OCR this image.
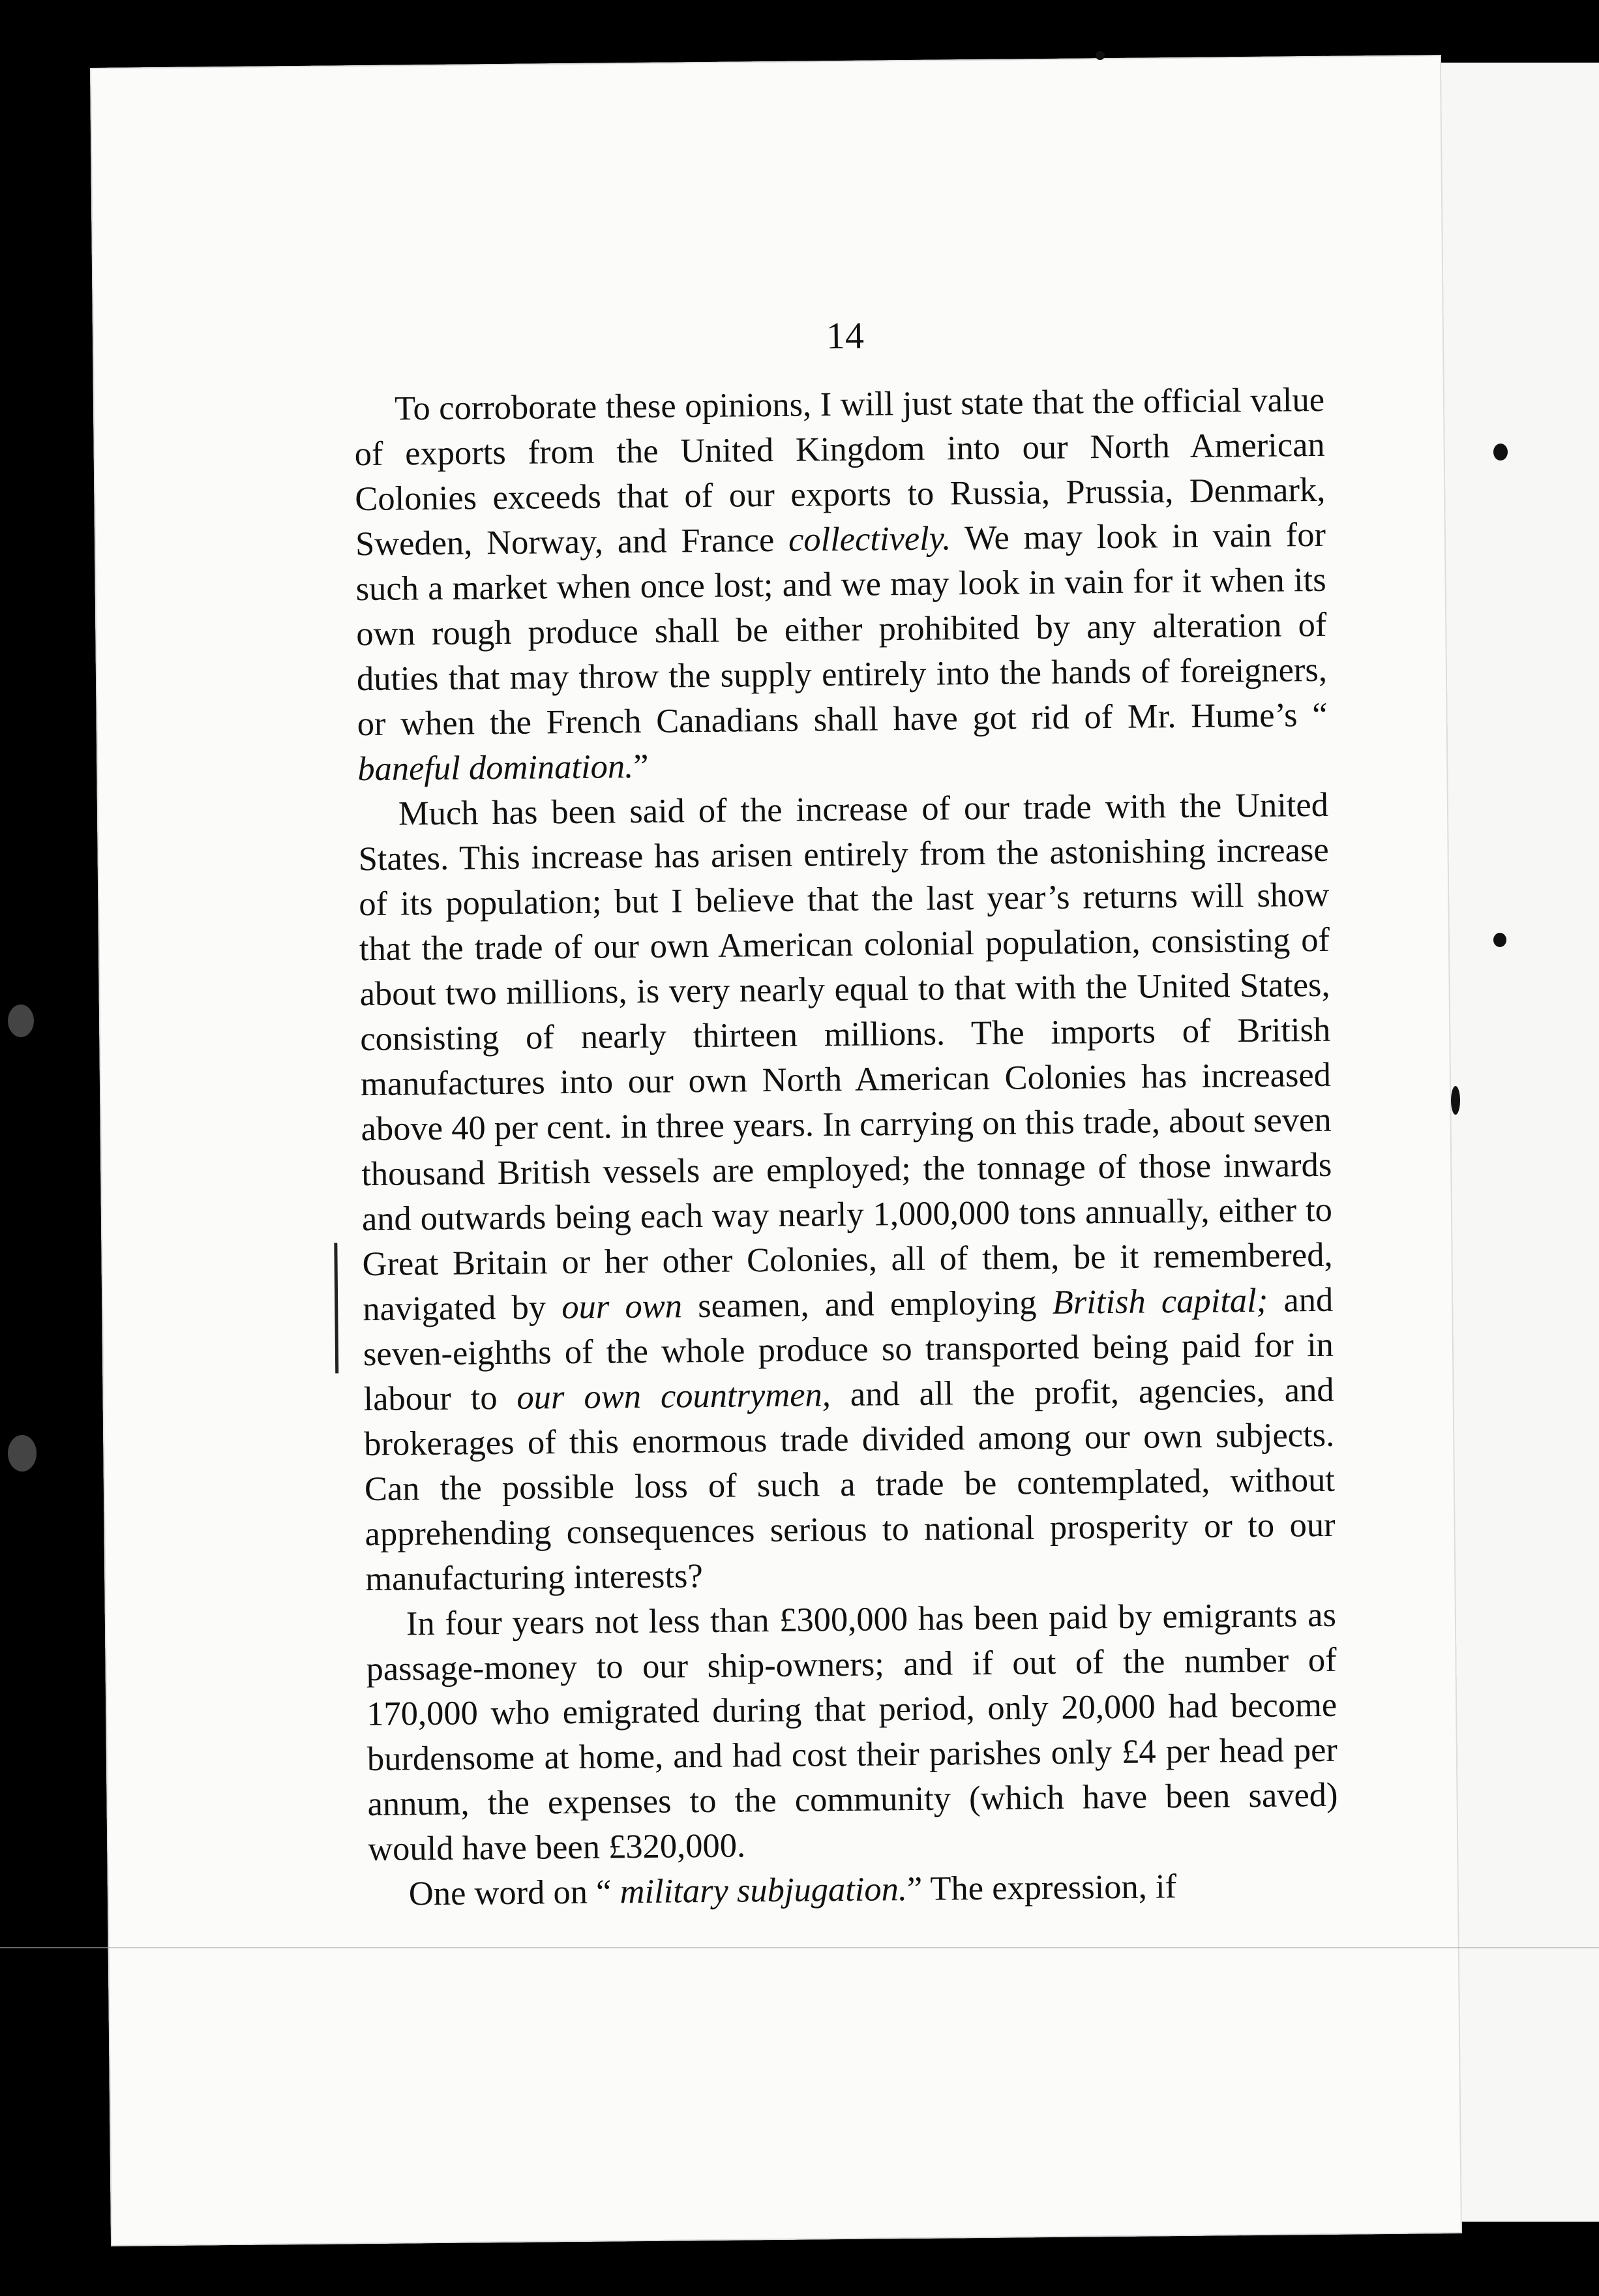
14

To corroborate these opinions, I will just state that the official value of exports from the United Kingdom into our North American Colonies exceeds that of our exports to Russia, Prussia, Denmark, Sweden, Norway, and France collectively. We may look in vain for such a market when once lost; and we may look in vain for it when its own rough produce shall be either prohibited by any alteration of duties that may throw the supply entirely into the hands of foreigners, or when the French Canadians shall have got rid of Mr. Hume’s “ baneful domination.”

Much has been said of the increase of our trade with the United States. This increase has arisen entirely from the astonishing increase of its population; but I believe that the last year’s returns will show that the trade of our own American colonial population, consisting of about two millions, is very nearly equal to that with the United States, consisting of nearly thirteen millions. The imports of British manufactures into our own North American Colonies has increased above 40 per cent. in three years. In carrying on this trade, about seven thousand British vessels are employed; the tonnage of those inwards and outwards being each way nearly 1,000,000 tons annually, either to Great Britain or her other Colonies, all of them, be it remembered, navigated by our own seamen, and employing British capital; and seven-eighths of the whole produce so transported being paid for in labour to our own countrymen, and all the profit, agencies, and brokerages of this enormous trade divided among our own subjects. Can the possible loss of such a trade be contemplated, without apprehending consequences serious to national prosperity or to our manufacturing interests?

In four years not less than £300,000 has been paid by emigrants as passage-money to our ship-owners; and if out of the number of 170,000 who emigrated during that period, only 20,000 had become burdensome at home, and had cost their parishes only £4 per head per annum, the expenses to the community (which have been saved) would have been £320,000.

One word on “ military subjugation.” The expression, if
